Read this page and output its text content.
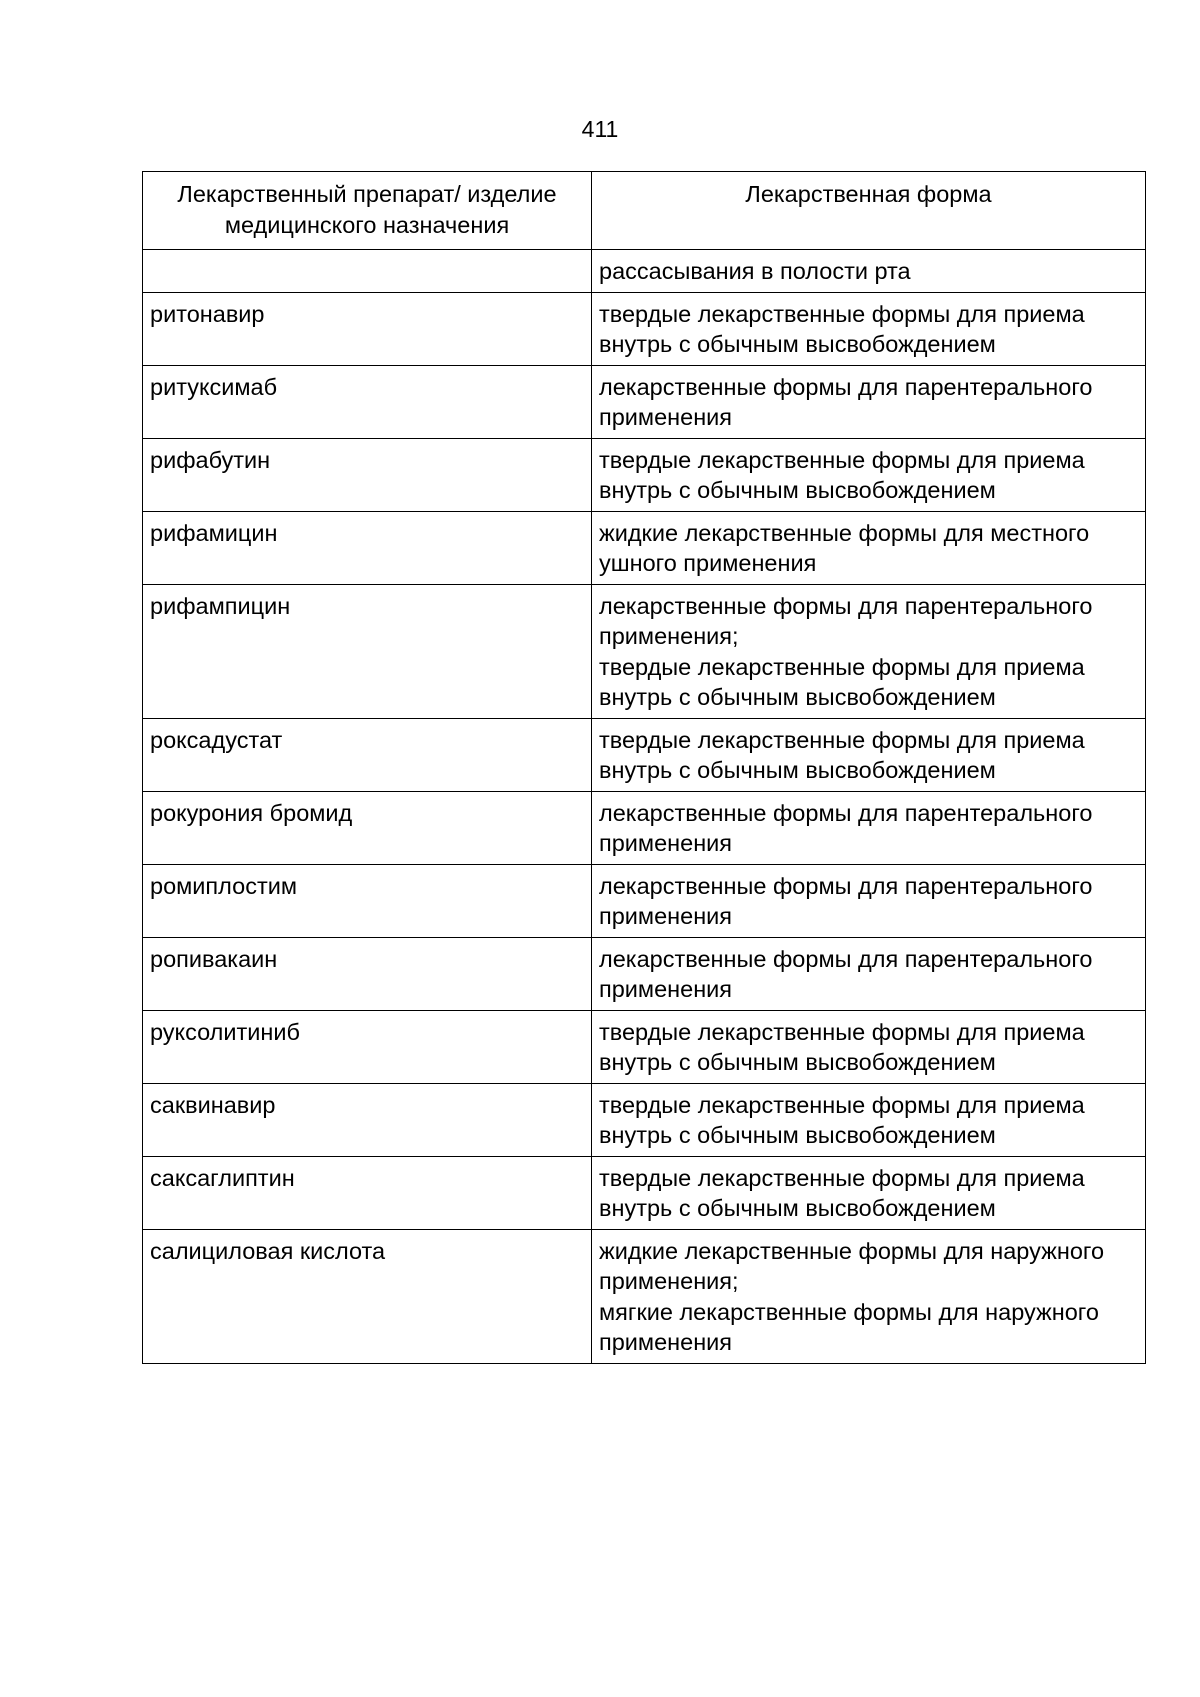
411
Лекарственный препарат/ изделие медицинского назначения	Лекарственная форма

	рассасывания в полости рта

ритонавир	твердые лекарственные формы для приема внутрь с обычным высвобождением

ритуксимаб	лекарственные формы для парентерального применения

рифабутин	твердые лекарственные формы для приема внутрь с обычным высвобождением

рифамицин	жидкие лекарственные формы для местного ушного применения

рифампицин	лекарственные формы для парентерального применения;
твердые лекарственные формы для приема внутрь с обычным высвобождением

роксадустат	твердые лекарственные формы для приема внутрь с обычным высвобождением

рокурония бромид	лекарственные формы для парентерального применения

ромиплостим	лекарственные формы для парентерального применения

ропивакаин	лекарственные формы для парентерального применения

руксолитиниб	твердые лекарственные формы для приема внутрь с обычным высвобождением

саквинавир	твердые лекарственные формы для приема внутрь с обычным высвобождением

саксаглиптин	твердые лекарственные формы для приема внутрь с обычным высвобождением

салициловая кислота	жидкие лекарственные формы для наружного применения;
мягкие лекарственные формы для наружного применения
